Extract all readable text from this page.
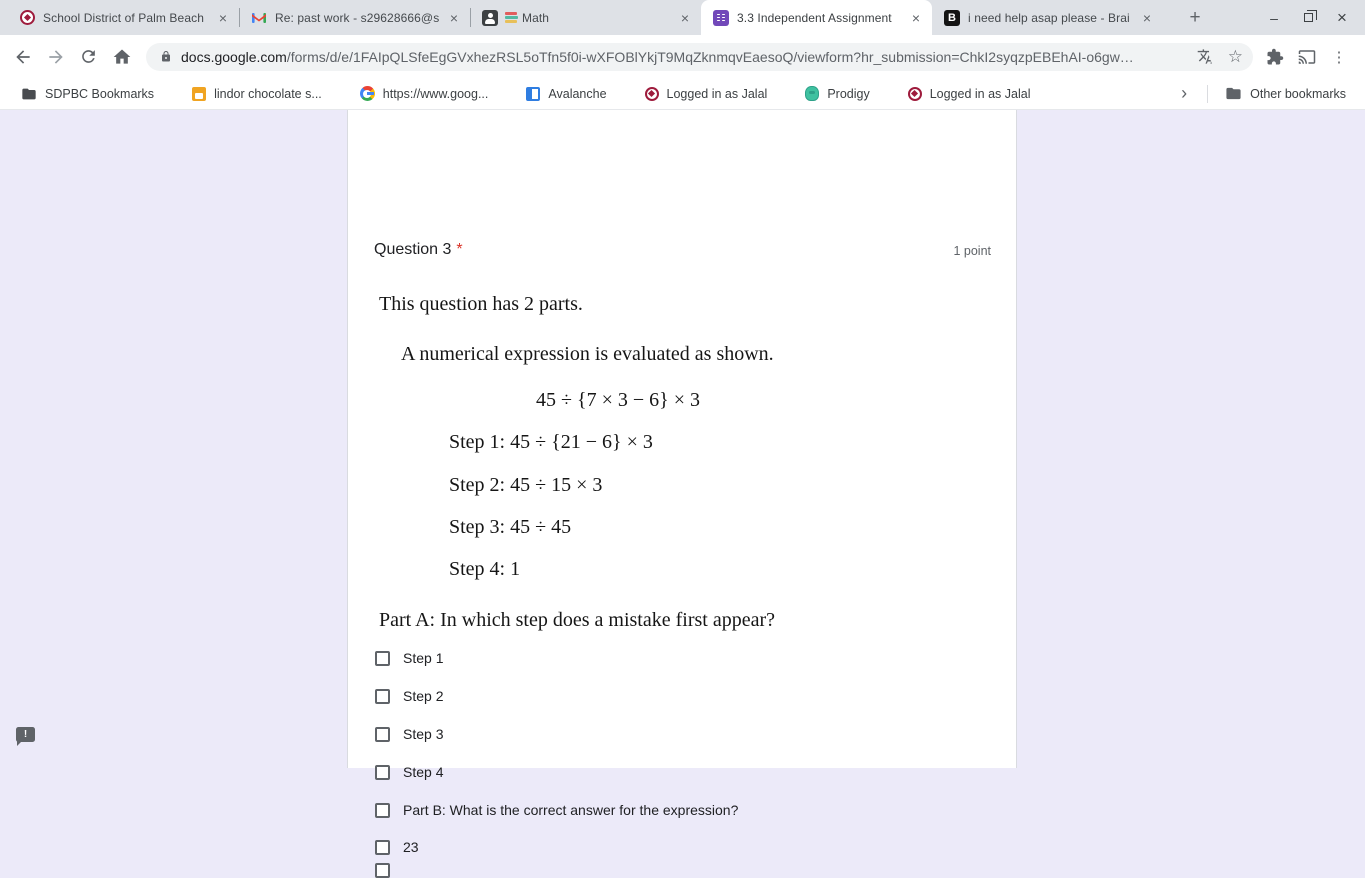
School District of Palm Beach	×	Re: past work - s29628666@s ×	Math	×	3.3 Independent Assignment	×	B	i need help asap please - Brai ×	+	–	×
docs.google.com/forms/d/e/1FAIpQLSfeEgGVxhezRSL5oTfn5f0i-wXFOBlYkjT9MqZknmqvEaesoQ/viewform?hr_submission=ChkI2syqzpEBEhAI-o6gw…	☆	⋮
SDPBC Bookmarks	lindor chocolate s...	https://www.goog...	Avalanche	Logged in as Jalal	Prodigy	Logged in as Jalal	›	Other bookmarks
Question 3 *	1 point
This question has 2 parts.
A numerical expression is evaluated as shown.
45 ÷ {7 × 3 − 6} × 3
Step 1: 45 ÷ {21 − 6} × 3
Step 2: 45 ÷ 15 × 3
Step 3: 45 ÷ 45
Step 4: 1
Part A: In which step does a mistake first appear?
Step 1
Step 2
Step 3
Step 4
Part B: What is the correct answer for the expression?
23
!
